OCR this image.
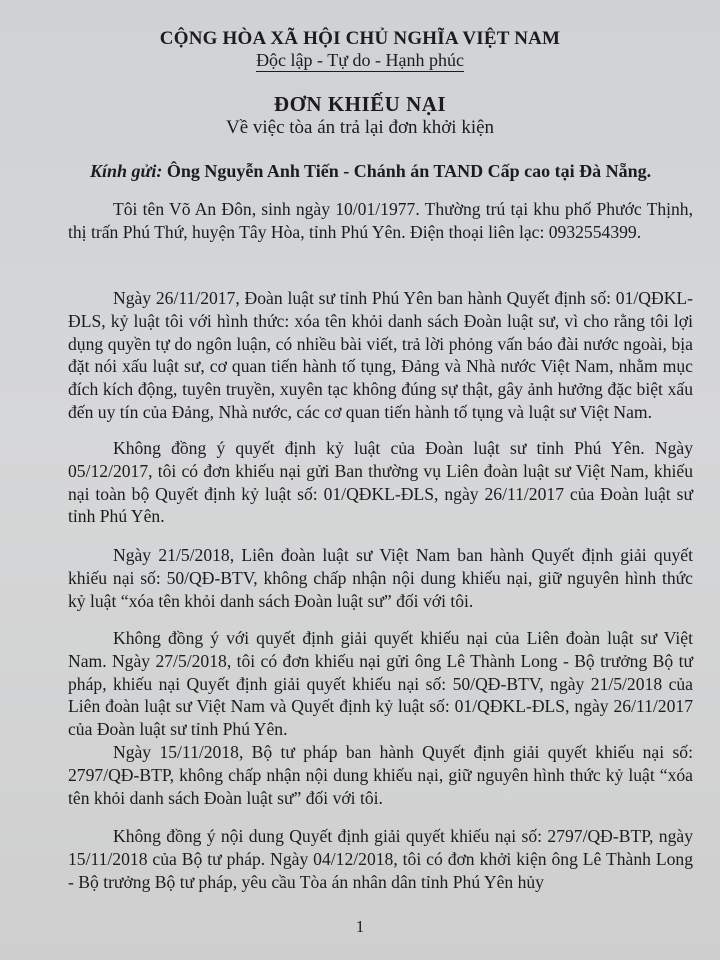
CỘNG HÒA XÃ HỘI CHỦ NGHĨA VIỆT NAM
Độc lập - Tự do - Hạnh phúc
ĐƠN KHIẾU NẠI
Về việc tòa án trả lại đơn khởi kiện
Kính gửi: Ông Nguyễn Anh Tiến - Chánh án TAND Cấp cao tại Đà Nẵng.
Tôi tên Võ An Đôn, sinh ngày 10/01/1977. Thường trú tại khu phố Phước Thịnh, thị trấn Phú Thứ, huyện Tây Hòa, tỉnh Phú Yên. Điện thoại liên lạc: 0932554399.
Ngày 26/11/2017, Đoàn luật sư tỉnh Phú Yên ban hành Quyết định số: 01/QĐKL-ĐLS, kỷ luật tôi với hình thức: xóa tên khỏi danh sách Đoàn luật sư, vì cho rằng tôi lợi dụng quyền tự do ngôn luận, có nhiều bài viết, trả lời phỏng vấn báo đài nước ngoài, bịa đặt nói xấu luật sư, cơ quan tiến hành tố tụng, Đảng và Nhà nước Việt Nam, nhằm mục đích kích động, tuyên truyền, xuyên tạc không đúng sự thật, gây ảnh hưởng đặc biệt xấu đến uy tín của Đảng, Nhà nước, các cơ quan tiến hành tố tụng và luật sư Việt Nam.
Không đồng ý quyết định kỷ luật của Đoàn luật sư tỉnh Phú Yên. Ngày 05/12/2017, tôi có đơn khiếu nại gửi Ban thường vụ Liên đoàn luật sư Việt Nam, khiếu nại toàn bộ Quyết định kỷ luật số: 01/QĐKL-ĐLS, ngày 26/11/2017 của Đoàn luật sư tỉnh Phú Yên.
Ngày 21/5/2018, Liên đoàn luật sư Việt Nam ban hành Quyết định giải quyết khiếu nại số: 50/QĐ-BTV, không chấp nhận nội dung khiếu nại, giữ nguyên hình thức kỷ luật “xóa tên khỏi danh sách Đoàn luật sư” đối với tôi.
Không đồng ý với quyết định giải quyết khiếu nại của Liên đoàn luật sư Việt Nam. Ngày 27/5/2018, tôi có đơn khiếu nại gửi ông Lê Thành Long - Bộ trưởng Bộ tư pháp, khiếu nại Quyết định giải quyết khiếu nại số: 50/QĐ-BTV, ngày 21/5/2018 của Liên đoàn luật sư Việt Nam và Quyết định kỷ luật số: 01/QĐKL-ĐLS, ngày 26/11/2017 của Đoàn luật sư tỉnh Phú Yên.
Ngày 15/11/2018, Bộ tư pháp ban hành Quyết định giải quyết khiếu nại số: 2797/QĐ-BTP, không chấp nhận nội dung khiếu nại, giữ nguyên hình thức kỷ luật “xóa tên khỏi danh sách Đoàn luật sư” đối với tôi.
Không đồng ý nội dung Quyết định giải quyết khiếu nại số: 2797/QĐ-BTP, ngày 15/11/2018 của Bộ tư pháp. Ngày 04/12/2018, tôi có đơn khởi kiện ông Lê Thành Long - Bộ trưởng Bộ tư pháp, yêu cầu Tòa án nhân dân tỉnh Phú Yên hủy
1
